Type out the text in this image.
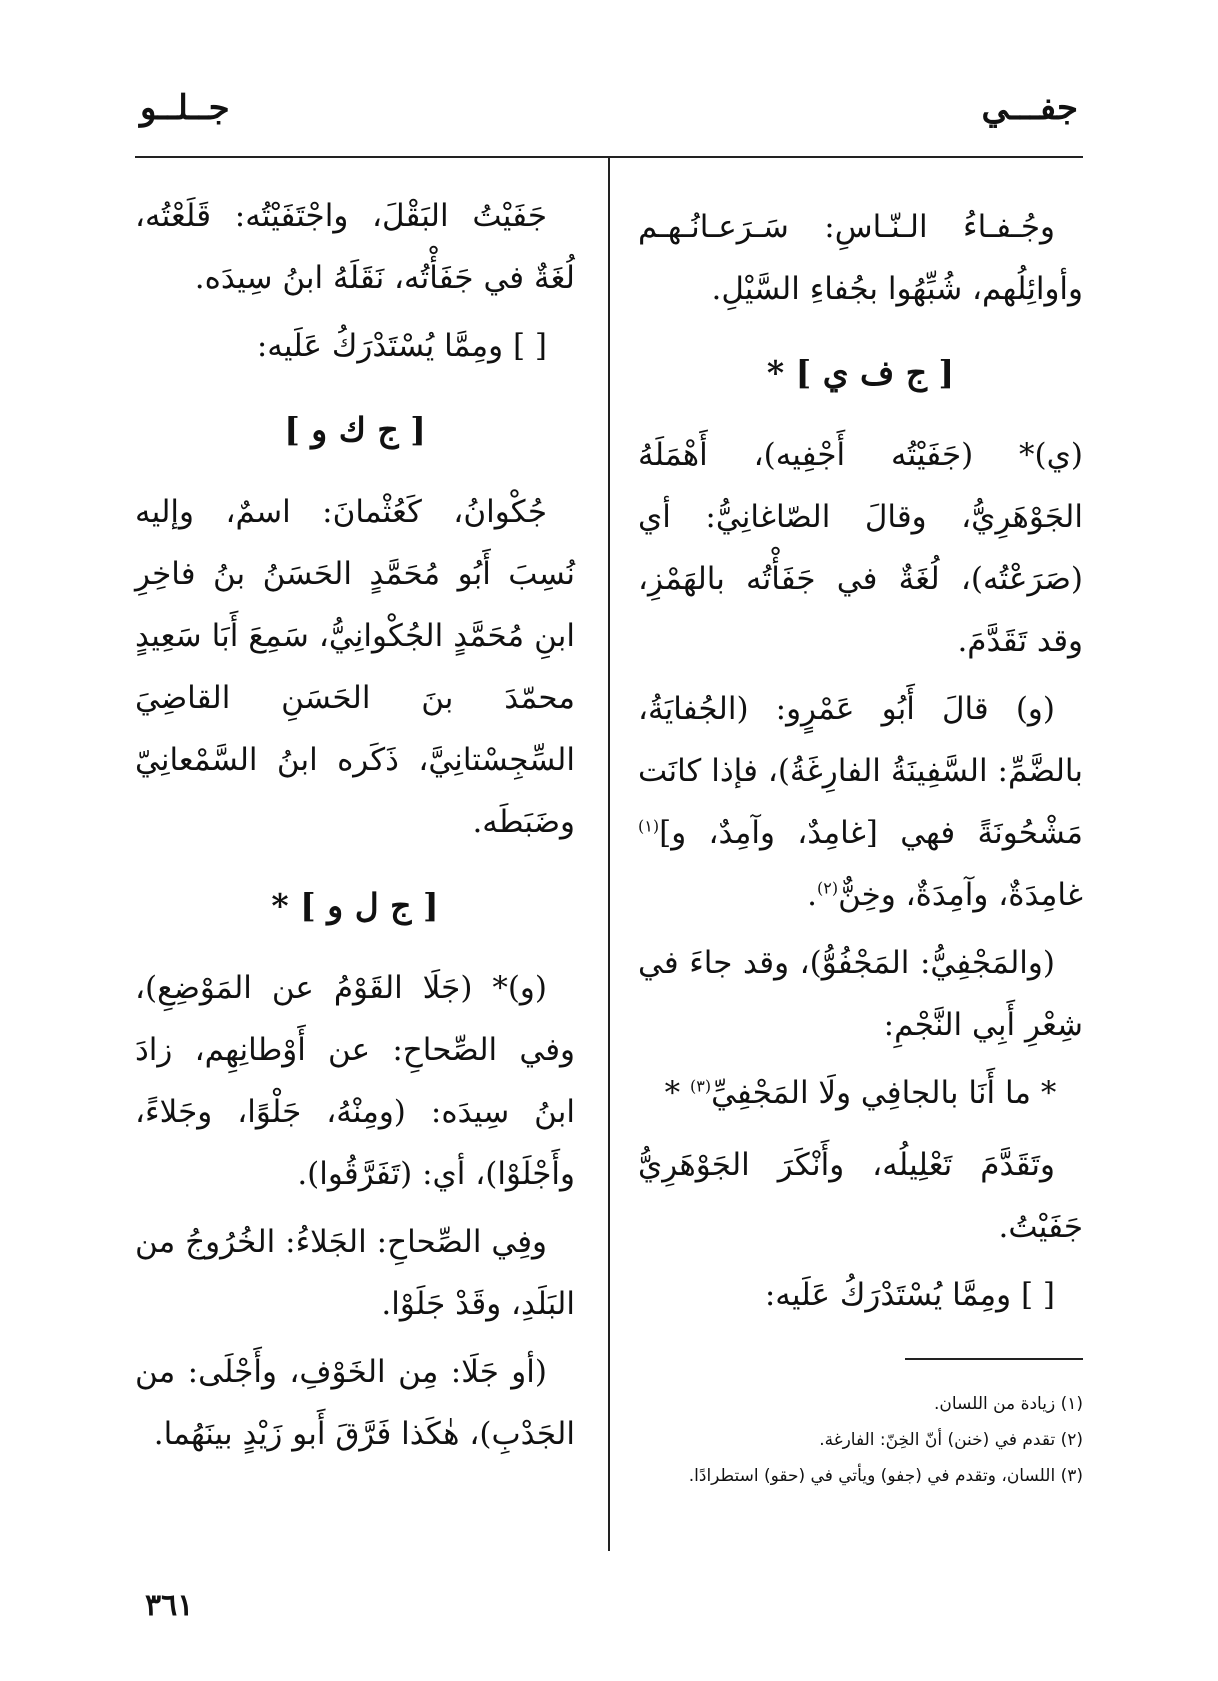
جفـــي
جــلــو

وجُـفـاءُ الـنّـاسِ: سَـرَعـانُـهـم وأوائِلُهم، شُبِّهُوا بجُفاءِ السَّيْلِ.

[ ج ف ي ] *

(ي)* (جَفَيْتُه أَجْفِيه)، أَهْمَلَهُ الجَوْهَرِيُّ، وقالَ الصّاغانِيُّ: أي (صَرَعْتُه)، لُغَةٌ في جَفَأْتُه بالهَمْزِ، وقد تَقَدَّمَ.

(و) قالَ أَبُو عَمْرٍو: (الجُفايَةُ، بالضَّمِّ: السَّفِينَةُ الفارِغَةُ)، فإذا كانَت مَشْحُونَةً فهي [غامِدٌ، وآمِدٌ، و]$^{(١)}$ غامِدَةٌ، وآمِدَةٌ، وخِنٌّ$^{(٢)}$.

(والمَجْفِيُّ: المَجْفُوُّ)، وقد جاءَ في شِعْرِ أَبِي النَّجْمِ:

* ما أَنَا بالجافِي ولَا المَجْفِيِّ$^{(٣)}$ *

وتَقَدَّمَ تَعْلِيلُه، وأَنْكَرَ الجَوْهَرِيُّ جَفَيْتُ.

[ ] ومِمَّا يُسْتَدْرَكُ عَلَيه:

(١) زيادة من اللسان.
(٢) تقدم في (خنن) أنّ الخِنّ: الفارغة.
(٣) اللسان، وتقدم في (جفو) ويأتي في (حقو) استطرادًا.

جَفَيْتُ البَقْلَ، واجْتَفَيْتُه: قَلَعْتُه، لُغَةٌ في جَفَأْتُه، نَقَلَهُ ابنُ سِيدَه.

[ ] ومِمَّا يُسْتَدْرَكُ عَلَيه:

[ ج ك و ]

جُكْوانُ، كَعُثْمانَ: اسمٌ، وإليه نُسِبَ أَبُو مُحَمَّدٍ الحَسَنُ بنُ فاخِرِ ابنِ مُحَمَّدٍ الجُكْوانِيُّ، سَمِعَ أَبَا سَعِيدٍ محمّدَ بنَ الحَسَنِ القاضِيَ السِّجِسْتانِيَّ، ذَكَره ابنُ السَّمْعانِيّ وضَبَطَه.

[ ج ل و ] *

(و)* (جَلَا القَوْمُ عن المَوْضِعِ)، وفي الصِّحاحِ: عن أَوْطانِهِم، زادَ ابنُ سِيدَه: (ومِنْهُ، جَلْوًا، وجَلاءً، وأَجْلَوْا)، أي: (تَفَرَّقُوا).

وفِي الصِّحاحِ: الجَلاءُ: الخُرُوجُ من البَلَدِ، وقَدْ جَلَوْا.

(أو جَلَا: مِن الخَوْفِ، وأَجْلَى: من الجَدْبِ)، هٰكَذا فَرَّقَ أَبو زَيْدٍ بينَهُما.

٣٦١
